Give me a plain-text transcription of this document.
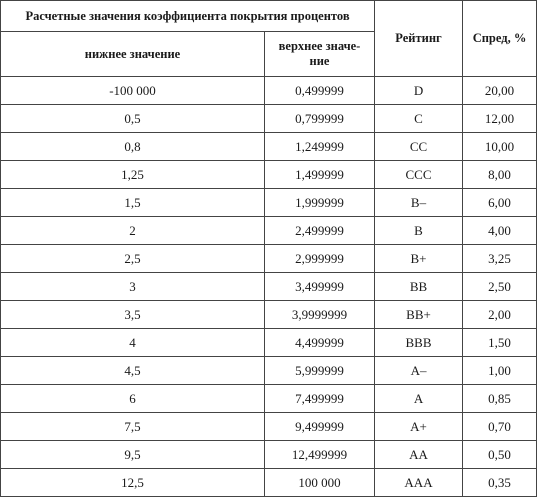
Расчетные значения коэффициента покрытия процентов		Рейтинг	Спред, %
нижнее значение	верхнее значе-
ние		
-100 000	0,499999	D	20,00
0,5	0,799999	C	12,00
0,8	1,249999	CC	10,00
1,25	1,499999	CCC	8,00
1,5	1,999999	B–	6,00
2	2,499999	B	4,00
2,5	2,999999	B+	3,25
3	3,499999	BB	2,50
3,5	3,9999999	BB+	2,00
4	4,499999	BBB	1,50
4,5	5,999999	A–	1,00
6	7,499999	A	0,85
7,5	9,499999	A+	0,70
9,5	12,499999	AA	0,50
12,5	100 000	AAA	0,35
